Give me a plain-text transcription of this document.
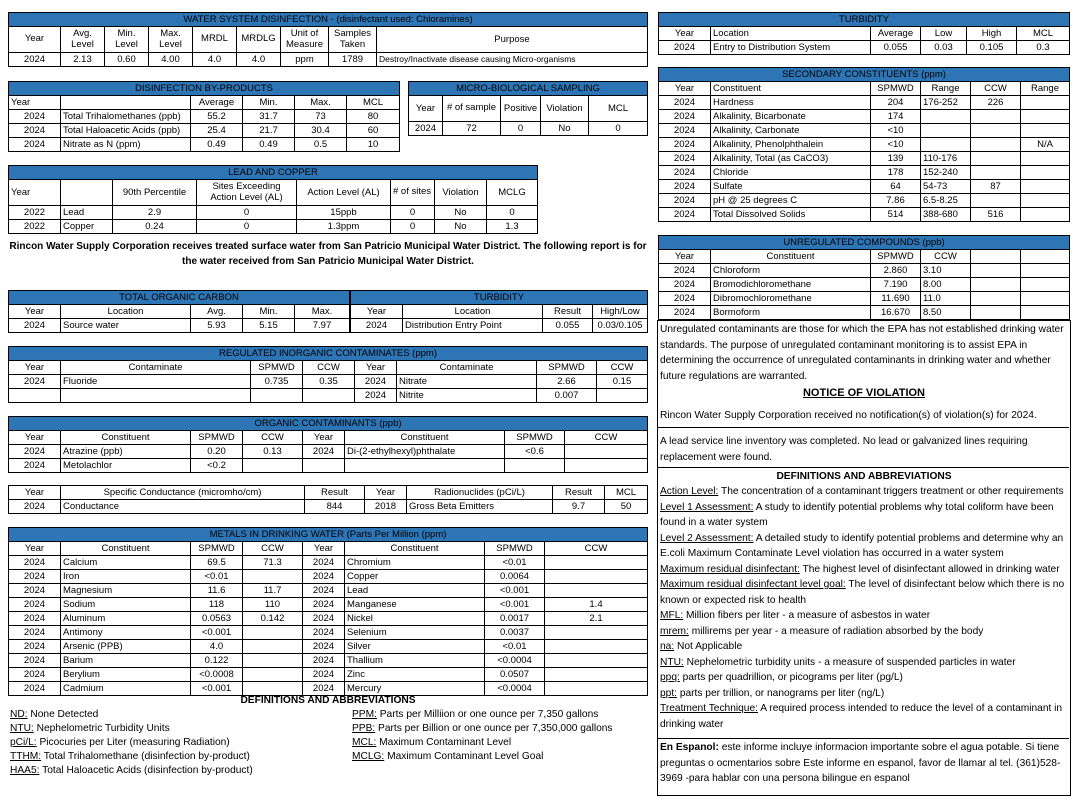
WATER SYSTEM DISINFECTION - (disinfectant used: Chloramines)								
Year	Avg. Level	Min. Level	Max. Level	MRDL	MRDLG	Unit of Measure	Samples Taken	Purpose
2024	2.13	0.60	4.00	4.0	4.0	ppm	1789	Destroy/Inactivate disease causing Micro-organisms
DISINFECTION BY-PRODUCTS					
Year		Average	Min.	Max.	MCL
2024	Total Trihalomethanes (ppb)	55.2	31.7	73	80
2024	Total Haloacetic Acids (ppb)	25.4	21.7	30.4	60
2024	Nitrate as N (ppm)	0.49	0.49	0.5	10
MICRO-BIOLOGICAL SAMPLING				
Year	# of sample	Positive	Violation	MCL
2024	72	0	No	0
LEAD AND COPPER							
Year		90th Percentile	Sites Exceeding Action Level (AL)	Action Level (AL)	# of sites	Violation	MCLG
2022	Lead	2.9	0	15ppb	0	No	0
2022	Copper	0.24	0	1.3ppm	0	No	1.3
Rincon Water Supply Corporation receives treated surface water from San Patricio Municipal Water District. The following report is for the water received from San Patricio Municipal Water District.
TOTAL ORGANIC CARBON				
Year	Location	Avg.	Min.	Max.
2024	Source water	5.93	5.15	7.97
TURBIDITY			
Year	Location	Result	High/Low
2024	Distribution Entry Point	0.055	0.03/0.105
REGULATED INORGANIC CONTAMINATES (ppm)							
Year	Contaminate	SPMWD	CCW	Year	Contaminate	SPMWD	CCW
2024	Fluoride	0.735	0.35	2024	Nitrate	2.66	0.15
				2024	Nitrite	0.007	
ORGANIC CONTAMINANTS (ppb)							
Year	Constituent	SPMWD	CCW	Year	Constituent	SPMWD	CCW
2024	Atrazine (ppb)	0.20	0.13	2024	Di-(2-ethylhexyl)phthalate	<0.6	
2024	Metolachlor	<0.2					
Year	Specific Conductance (micromho/cm)	Result	Year	Radionuclides (pCi/L)	Result	MCL
2024	Conductance	844	2018	Gross Beta Emitters	9.7	50
METALS IN DRINKING WATER (Parts Per Million (ppm)							
Year	Constituent	SPMWD	CCW	Year	Constituent	SPMWD	CCW
2024	Calcium	69.5	71.3	2024	Chromium	<0.01	
2024	Iron	<0.01		2024	Copper	0.0064	
2024	Magnesium	11.6	11.7	2024	Lead	<0.001	
2024	Sodium	118	110	2024	Manganese	<0.001	1.4
2024	Aluminum	0.0563	0.142	2024	Nickel	0.0017	2.1
2024	Antimony	<0.001		2024	Selenium	0.0037	
2024	Arsenic (PPB)	4.0		2024	Silver	<0.01	
2024	Barium	0.122		2024	Thallium	<0.0004	
2024	Berylium	<0.0008		2024	Zinc	0.0507	
2024	Cadmium	<0.001		2024	Mercury	<0.0004	
DEFINITIONS AND ABBREVIATIONS
ND: None Detected
NTU: Nephelometric Turbidity Units
pCi/L: Picocuries per Liter (measuring Radiation)
TTHM: Total Trihalomethane (disinfection by-product)
HAA5: Total Haloacetic Acids (disinfection by-product)
PPM: Parts per Milliion or one ounce per 7,350 gallons
PPB: Parts per Billion or one ounce per 7,350,000 gallons
MCL: Maximum Contaminant Level
MCLG: Maximum Contaminant Level Goal
TURBIDITY					
Year	Location	Average	Low	High	MCL
2024	Entry to Distribution System	0.055	0.03	0.105	0.3
SECONDARY CONSTITUENTS (ppm)					
Year	Constituent	SPMWD	Range	CCW	Range
2024	Hardness	204	176-252	226	
2024	Alkalinity, Bicarbonate	174			
2024	Alkalinity, Carbonate	<10			
2024	Alkalinity, Phenolphthalein	<10			N/A
2024	Alkalinity, Total (as CaCO3)	139	110-176		
2024	Chloride	178	152-240		
2024	Sulfate	64	54-73	87	
2024	pH @ 25 degrees C	7.86	6.5-8.25		
2024	Total Dissolved Solids	514	388-680	516	
UNREGULATED COMPOUNDS (ppb)					
Year	Constituent	SPMWD	CCW		
2024	Chloroform	2.860	3.10		
2024	Bromodichloromethane	7.190	8.00		
2024	Dibromochloromethane	11.690	11.0		
2024	Bormoform	16.670	8.50		
Unregulated contaminants are those for which the EPA has not established drinking water standards. The purpose of unregulated contaminant monitoring is to assist EPA in determining the occurrence of unregulated contaminants in drinking water and whether future regulations are warranted.
NOTICE OF VIOLATION
Rincon Water Supply Corporation received no notification(s) of violation(s) for 2024.
A lead service line inventory was completed. No lead or galvanized lines requiring replacement were found.
DEFINITIONS AND ABBREVIATIONS
Action Level: The concentration of a contaminant triggers treatment or other requirements
Level 1 Assessment: A study to identify potential problems why total coliform have been found in a water system
Level 2 Assessment: A detailed study to identify potential problems and determine why an E.coli Maximum Contaminate Level violation has occurred in a water system
Maximum residual disinfectant: The highest level of disinfectant allowed in drinking water
Maximum residual disinfectant level goal: The level of disinfectant below which there is no known or expected risk to health
MFL: Million fibers per liter - a measure of asbestos in water
mrem: millirems per year - a measure of radiation absorbed by the body
na: Not Applicable
NTU: Nephelometric turbidity units - a measure of suspended particles in water
ppq: parts per quadrillion, or picograms per liter (pg/L)
ppt: parts per trillion, or nanograms per liter (ng/L)
Treatment Technique: A required process intended to reduce the level of a contaminant in drinking water
En Espanol: este informe incluye informacion importante sobre el agua potable. Si tiene preguntas o ocmentarios sobre Este informe en espanol, favor de llamar al tel. (361)528-3969 -para hablar con una persona bilingue en espanol
